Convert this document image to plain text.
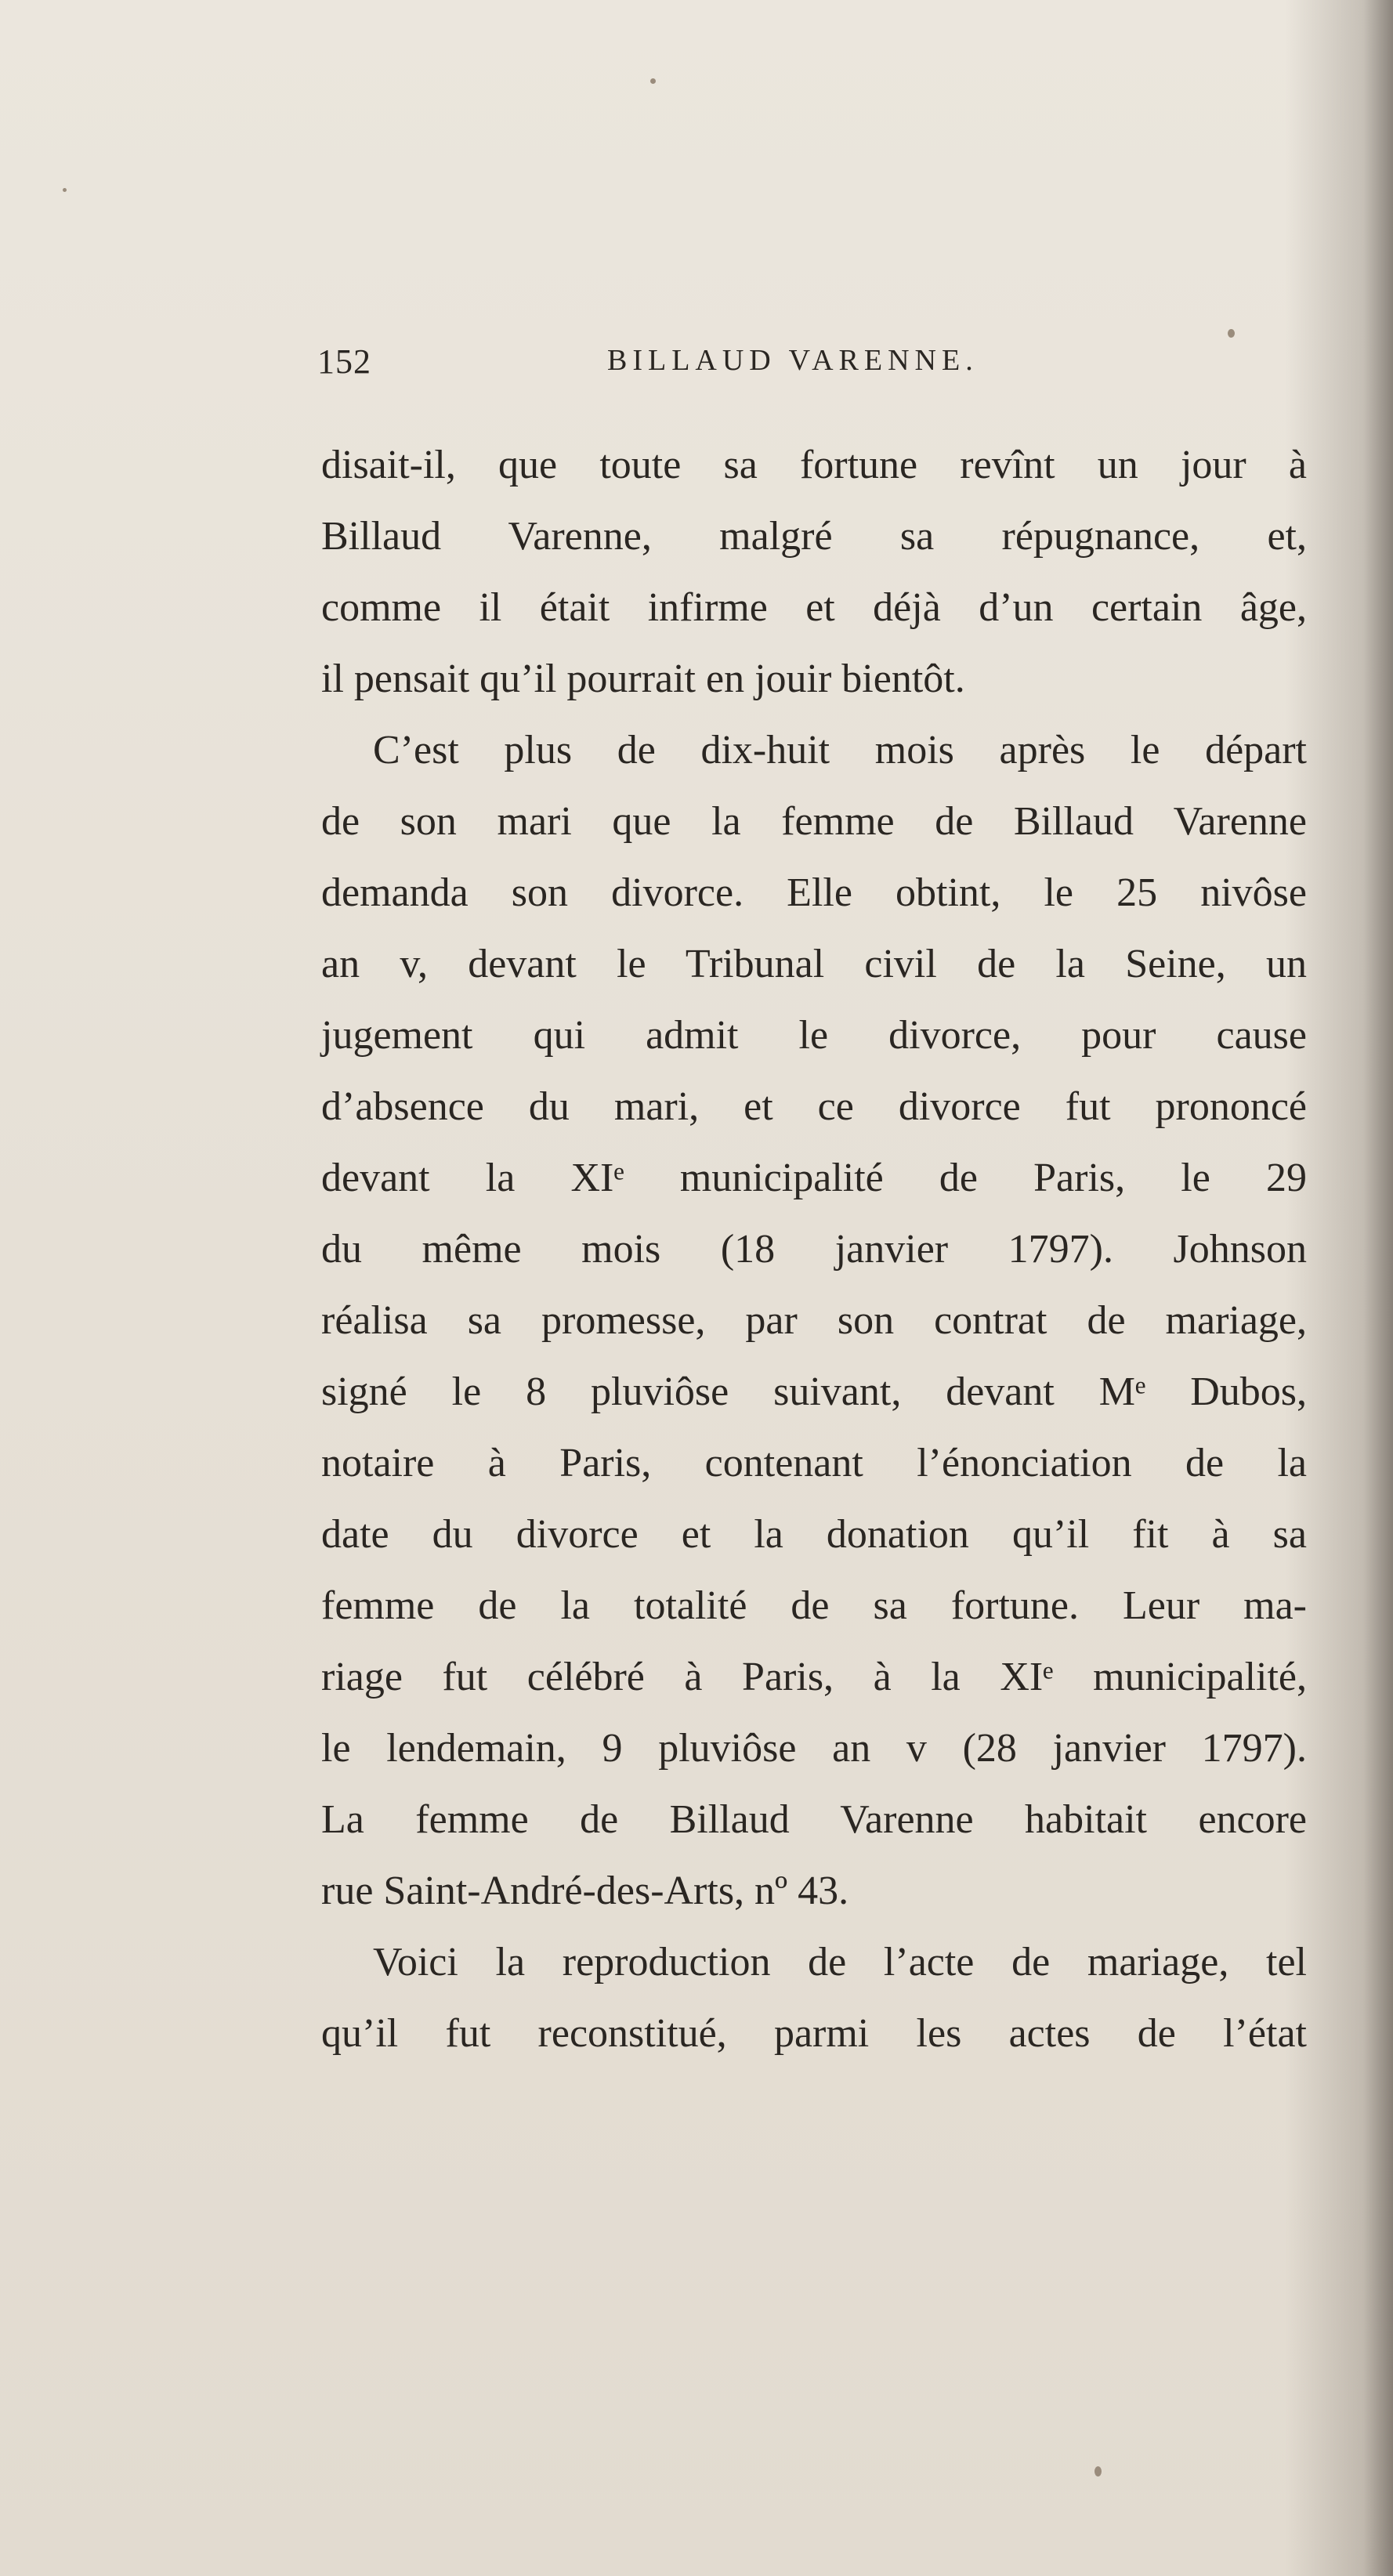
152	BILLAUD VARENNE.
disait-il, que toute sa fortune revînt un jour à
Billaud Varenne, malgré sa répugnance, et,
comme il était infirme et déjà d’un certain âge,
il pensait qu’il pourrait en jouir bientôt.
C’est plus de dix-huit mois après le départ
de son mari que la femme de Billaud Varenne
demanda son divorce. Elle obtint, le 25 nivôse
an v, devant le Tribunal civil de la Seine, un
jugement qui admit le divorce, pour cause
d’absence du mari, et ce divorce fut prononcé
devant la XIᵉ municipalité de Paris, le 29
du même mois (18 janvier 1797). Johnson
réalisa sa promesse, par son contrat de mariage,
signé le 8 pluviôse suivant, devant Mᵉ Dubos,
notaire à Paris, contenant l’énonciation de la
date du divorce et la donation qu’il fit à sa
femme de la totalité de sa fortune. Leur ma-
riage fut célébré à Paris, à la XIᵉ municipalité,
le lendemain, 9 pluviôse an v (28 janvier 1797).
La femme de Billaud Varenne habitait encore
rue Saint-André-des-Arts, nº 43.
Voici la reproduction de l’acte de mariage, tel
qu’il fut reconstitué, parmi les actes de l’état
